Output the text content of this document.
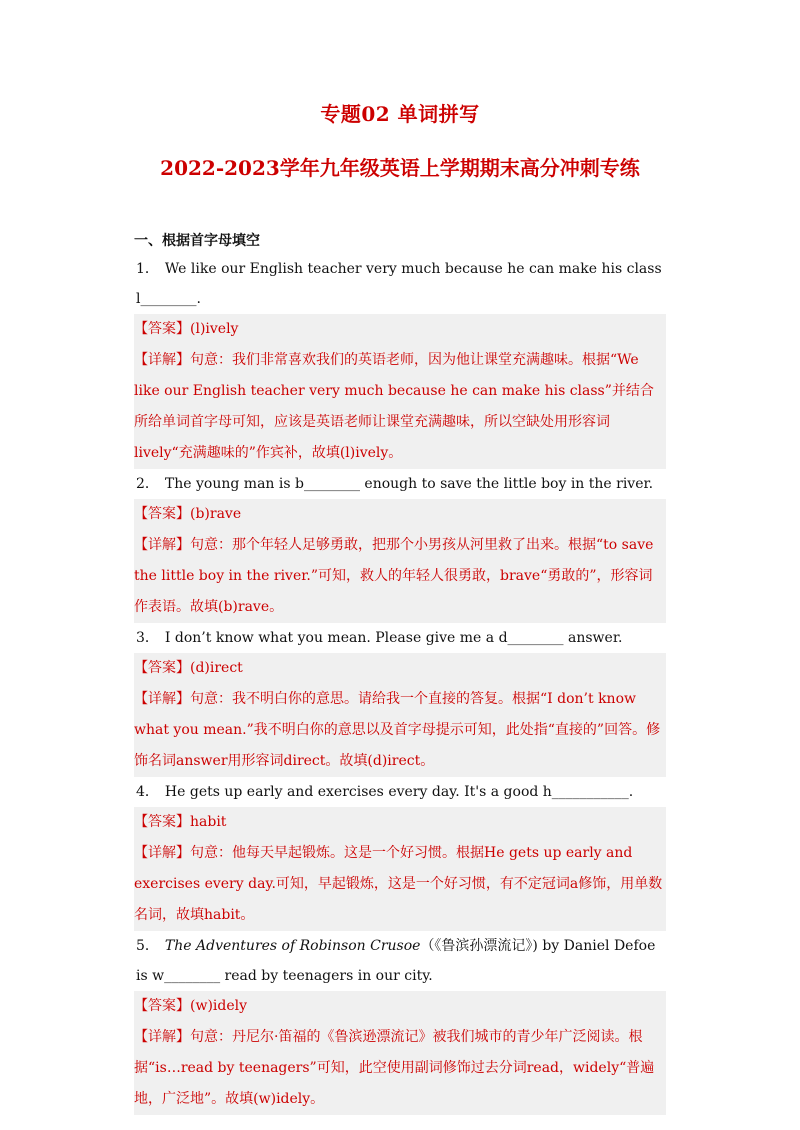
专题02 单词拼写
2022-2023学年九年级英语上学期期末高分冲刺专练
一、根据首字母填空

1． We like our English teacher very much because he can make his class l________.

【答案】(l)ively

【详解】句意：我们非常喜欢我们的英语老师，因为他让课堂充满趣味。根据“We like our English teacher very much because he can make his class”并结合所给单词首字母可知，应该是英语老师让课堂充满趣味，所以空缺处用形容词lively“充满趣味的”作宾补，故填(l)ively。

2． The young man is b________ enough to save the little boy in the river.

【答案】(b)rave

【详解】句意：那个年轻人足够勇敢，把那个小男孩从河里救了出来。根据“to save the little boy in the river.”可知，救人的年轻人很勇敢，brave“勇敢的”，形容词作表语。故填(b)rave。

3． I don’t know what you mean. Please give me a d________ answer.

【答案】(d)irect

【详解】句意：我不明白你的意思。请给我一个直接的答复。根据“I don’t know what you mean.”我不明白你的意思以及首字母提示可知，此处指“直接的”回答。修饰名词answer用形容词direct。故填(d)irect。

4． He gets up early and exercises every day. It's a good h___________.

【答案】habit

【详解】句意：他每天早起锻炼。这是一个好习惯。根据He gets up early and exercises every day.可知，早起锻炼，这是一个好习惯，有不定冠词a修饰，用单数名词，故填habit。

5． The Adventures of Robinson Crusoe（《鲁滨孙漂流记》) by Daniel Defoe is w________ read by teenagers in our city.

【答案】(w)idely

【详解】句意：丹尼尔·笛福的《鲁滨逊漂流记》被我们城市的青少年广泛阅读。根据“is…read by teenagers”可知，此空使用副词修饰过去分词read，widely“普遍地，广泛地”。故填(w)idely。
